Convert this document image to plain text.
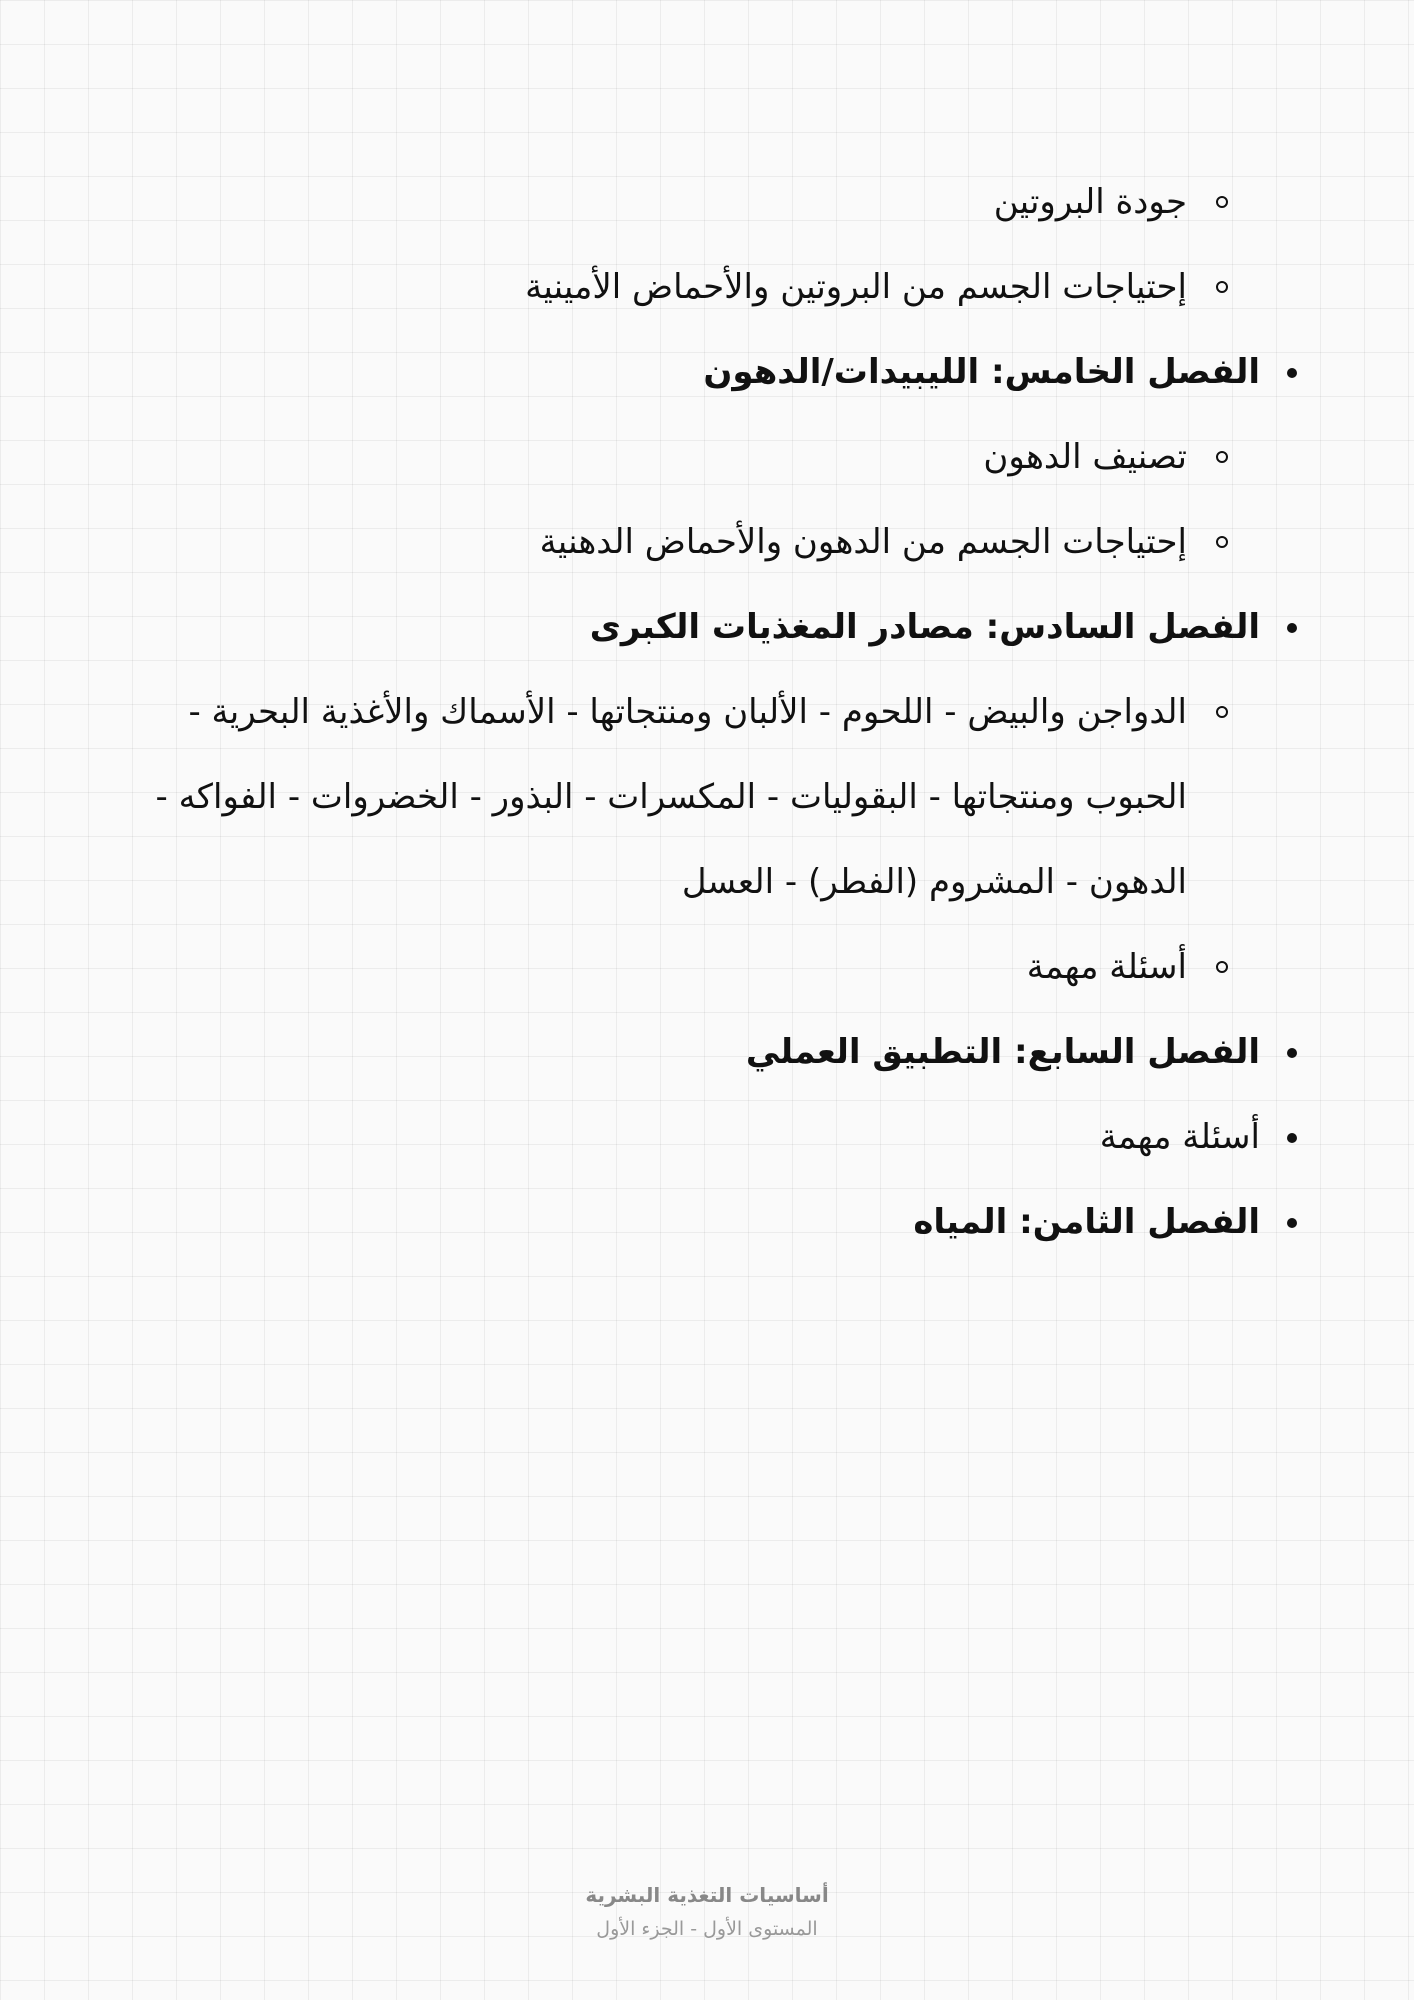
جودة البروتين
إحتياجات الجسم من البروتين والأحماض الأمينية
الفصل الخامس: الليبيدات/الدهون
تصنيف الدهون
إحتياجات الجسم من الدهون والأحماض الدهنية
الفصل السادس: مصادر المغذيات الكبرى
الدواجن والبيض - اللحوم - الألبان ومنتجاتها - الأسماك والأغذية البحرية - الحبوب ومنتجاتها - البقوليات - المكسرات - البذور - الخضروات - الفواكه - الدهون - المشروم (الفطر) - العسل
أسئلة مهمة
الفصل السابع: التطبيق العملي
أسئلة مهمة
الفصل الثامن: المياه
أساسيات التغذية البشرية
المستوى الأول - الجزء الأول
